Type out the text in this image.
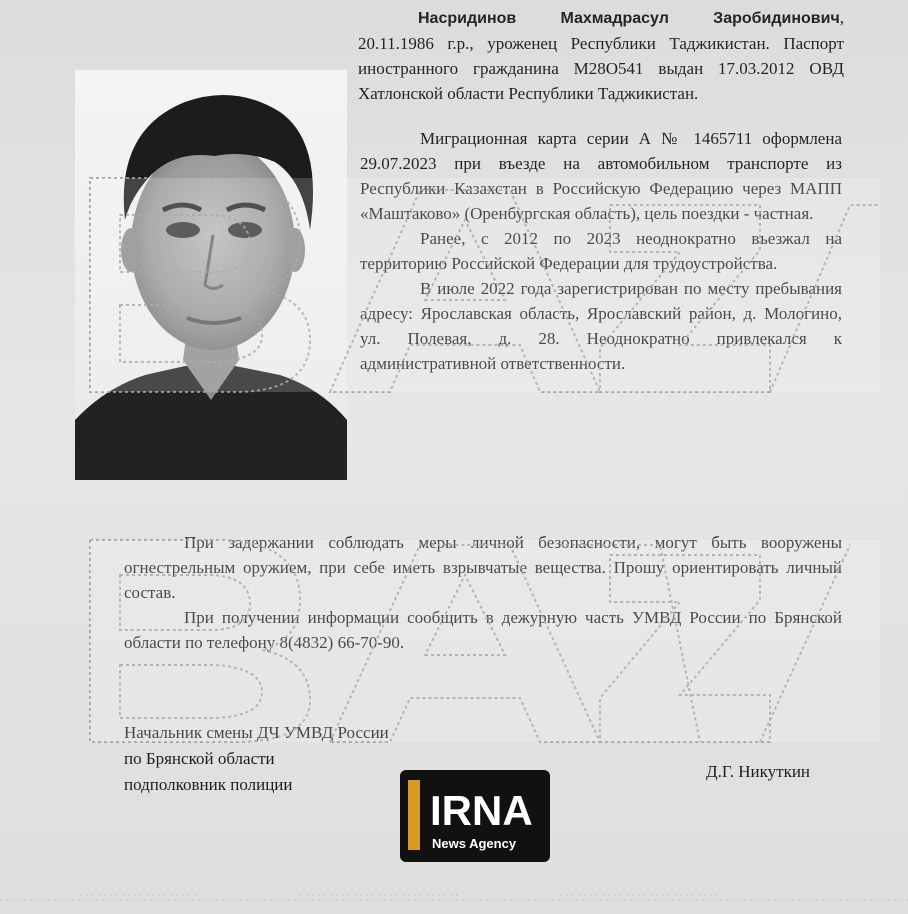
Насридинов Махмадрасул Заробидинович, 20.11.1986 г.р., уроженец Республики Таджикистан. Паспорт иностранного гражданина M28O541 выдан 17.03.2012 ОВД Хатлонской области Республики Таджикистан.

Миграционная карта серии А № 1465711 оформлена 29.07.2023 при въезде на автомобильном транспорте из Республики Казахстан в Российскую Федерацию через МАПП «Маштаково» (Оренбургская область), цель поездки - частная.

Ранее, с 2012 по 2023 неоднократно въезжал на территорию Российской Федерации для трудоустройства.

В июле 2022 года зарегистрирован по месту пребывания адресу: Ярославская область, Ярославский район, д. Мологино, ул. Полевая, д. 28. Неоднократно привлекался к административной ответственности.

При задержании соблюдать меры личной безопасности, могут быть вооружены огнестрельным оружием, при себе иметь взрывчатые вещества. Прошу ориентировать личный состав.

При получении информации сообщить в дежурную часть УМВД России по Брянской области по телефону 8(4832) 66-70-90.

Начальник смены ДЧ УМВД России
по Брянской области
подполковник полиции
Д.Г. Никуткин
IRNA
News Agency
